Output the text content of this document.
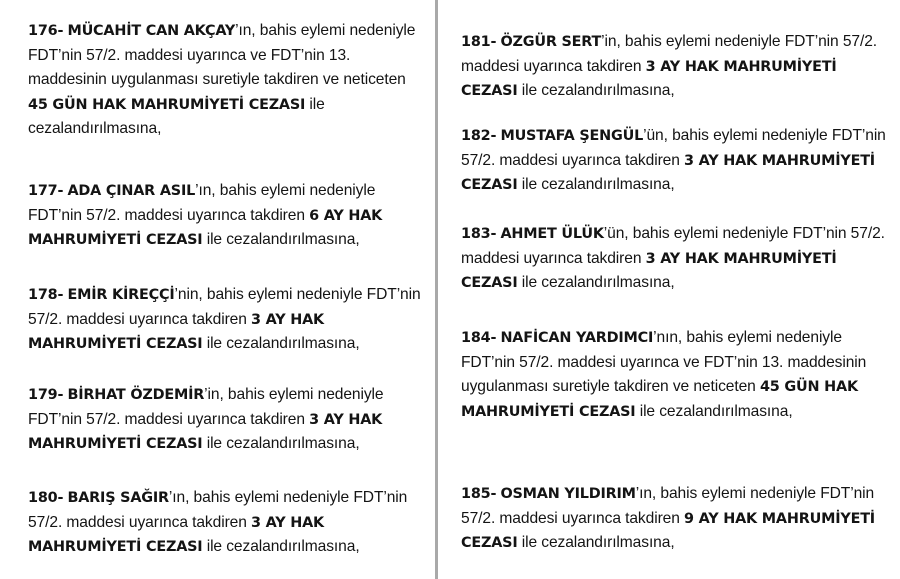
176- MÜCAHİT CAN AKÇAY’ın, bahis eylemi nedeniyle FDT’nin 57/2. maddesi uyarınca ve FDT’nin 13. maddesinin uygulanması suretiyle takdiren ve neticeten 45 GÜN HAK MAHRUMİYETİ CEZASI ile cezalandırılmasına,
177- ADA ÇINAR ASIL’ın, bahis eylemi nedeniyle FDT’nin 57/2. maddesi uyarınca takdiren 6 AY HAK MAHRUMİYETİ CEZASI ile cezalandırılmasına,
178- EMİR KİREÇÇİ’nin, bahis eylemi nedeniyle FDT’nin 57/2. maddesi uyarınca takdiren 3 AY HAK MAHRUMİYETİ CEZASI ile cezalandırılmasına,
179- BİRHAT ÖZDEMİR’in, bahis eylemi nedeniyle FDT’nin 57/2. maddesi uyarınca takdiren 3 AY HAK MAHRUMİYETİ CEZASI ile cezalandırılmasına,
180- BARIŞ SAĞIR’ın, bahis eylemi nedeniyle FDT’nin 57/2. maddesi uyarınca takdiren 3 AY HAK MAHRUMİYETİ CEZASI ile cezalandırılmasına,
181- ÖZGÜR SERT’in, bahis eylemi nedeniyle FDT’nin 57/2. maddesi uyarınca takdiren 3 AY HAK MAHRUMİYETİ CEZASI ile cezalandırılmasına,
182- MUSTAFA ŞENGÜL’ün, bahis eylemi nedeniyle FDT’nin 57/2. maddesi uyarınca takdiren 3 AY HAK MAHRUMİYETİ CEZASI ile cezalandırılmasına,
183- AHMET ÜLÜK’ün, bahis eylemi nedeniyle FDT’nin 57/2. maddesi uyarınca takdiren 3 AY HAK MAHRUMİYETİ CEZASI ile cezalandırılmasına,
184- NAFİCAN YARDIMCI’nın, bahis eylemi nedeniyle FDT’nin 57/2. maddesi uyarınca ve FDT’nin 13. maddesinin uygulanması suretiyle takdiren ve neticeten 45 GÜN HAK MAHRUMİYETİ CEZASI ile cezalandırılmasına,
185- OSMAN YILDIRIM’ın, bahis eylemi nedeniyle FDT’nin 57/2. maddesi uyarınca takdiren 9 AY HAK MAHRUMİYETİ CEZASI ile cezalandırılmasına,
